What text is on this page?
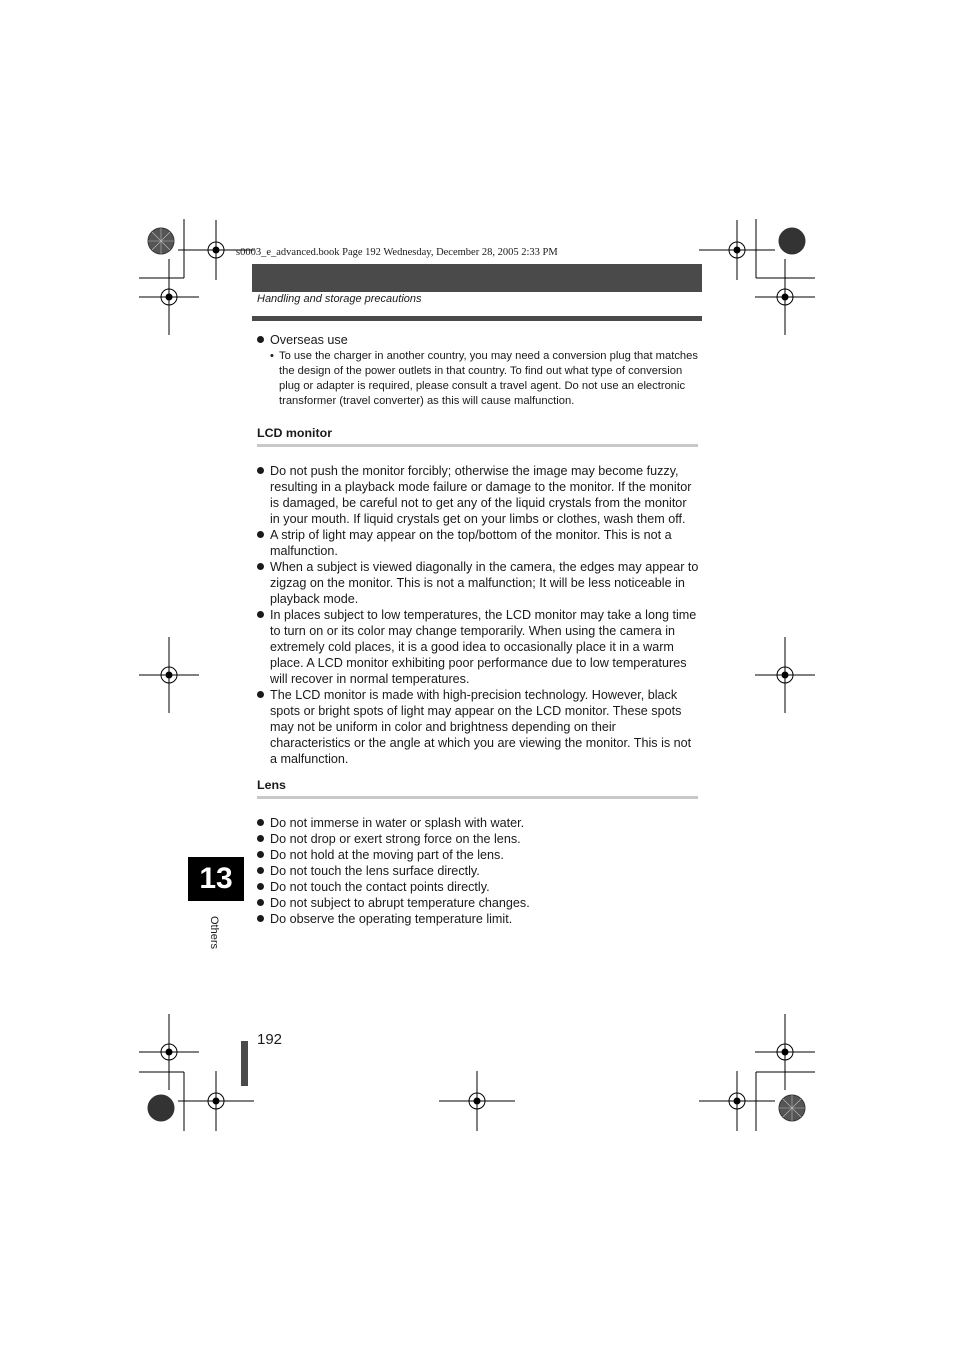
s0003_e_advanced.book Page 192 Wednesday, December 28, 2005 2:33 PM
Handling and storage precautions
Overseas use
• To use the charger in another country, you may need a conversion plug that matches the design of the power outlets in that country. To find out what type of conversion plug or adapter is required, please consult a travel agent. Do not use an electronic transformer (travel converter) as this will cause malfunction.
LCD monitor
Do not push the monitor forcibly; otherwise the image may become fuzzy, resulting in a playback mode failure or damage to the monitor. If the monitor is damaged, be careful not to get any of the liquid crystals from the monitor in your mouth. If liquid crystals get on your limbs or clothes, wash them off.
A strip of light may appear on the top/bottom of the monitor. This is not a malfunction.
When a subject is viewed diagonally in the camera, the edges may appear to zigzag on the monitor. This is not a malfunction; It will be less noticeable in playback mode.
In places subject to low temperatures, the LCD monitor may take a long time to turn on or its color may change temporarily. When using the camera in extremely cold places, it is a good idea to occasionally place it in a warm place. A LCD monitor exhibiting poor performance due to low temperatures will recover in normal temperatures.
The LCD monitor is made with high-precision technology. However, black spots or bright spots of light may appear on the LCD monitor. These spots may not be uniform in color and brightness depending on their characteristics or the angle at which you are viewing the monitor. This is not a malfunction.
Lens
Do not immerse in water or splash with water.
Do not drop or exert strong force on the lens.
Do not hold at the moving part of the lens.
Do not touch the lens surface directly.
Do not touch the contact points directly.
Do not subject to abrupt temperature changes.
Do observe the operating temperature limit.
13
Others
192
